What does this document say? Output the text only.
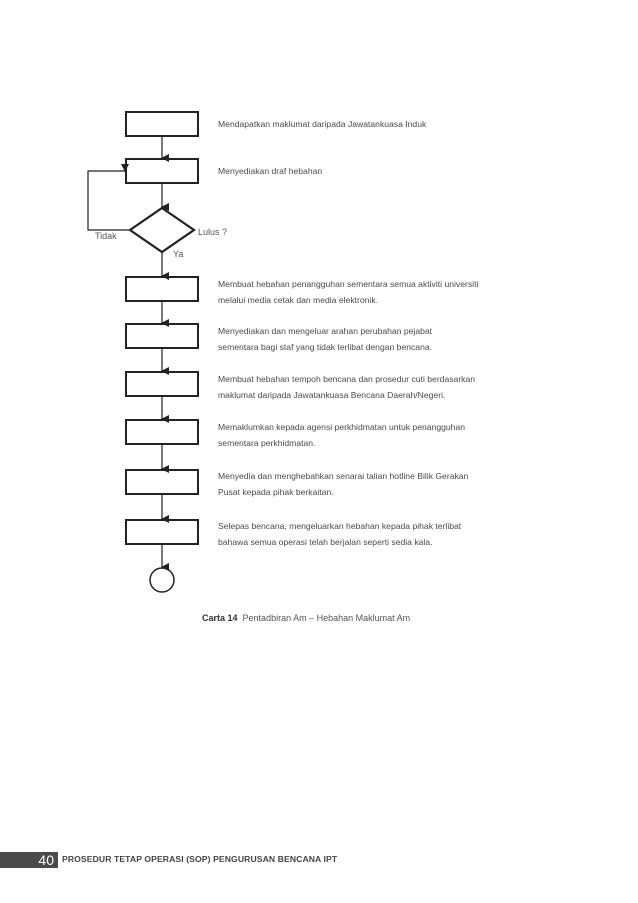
Lulus ?
Tidak
Ya
Mendapatkan maklumat daripada Jawatankuasa Induk
Menyediakan draf hebahan
Membuat hebahan penangguhan sementara semua aktiviti universiti
melalui media cetak dan media elektronik.
Menyediakan dan mengeluar arahan perubahan pejabat
sementara bagi staf yang tidak terlibat dengan bencana.
Membuat hebahan tempoh bencana dan prosedur cuti berdasarkan
maklumat daripada Jawatankuasa Bencana Daerah/Negeri.
Memaklumkan kepada agensi perkhidmatan untuk penangguhan
sementara perkhidmatan.
Menyedia dan menghebahkan senarai talian hotline Bilik Gerakan
Pusat kepada pihak berkaitan.
Selepas bencana, mengeluarkan hebahan kepada pihak terlibat
bahawa semua operasi telah berjalan seperti sedia kala.
Carta 14 Pentadbiran Am – Hebahan Maklumat Am
40 PROSEDUR TETAP OPERASI (SOP) PENGURUSAN BENCANA IPT
